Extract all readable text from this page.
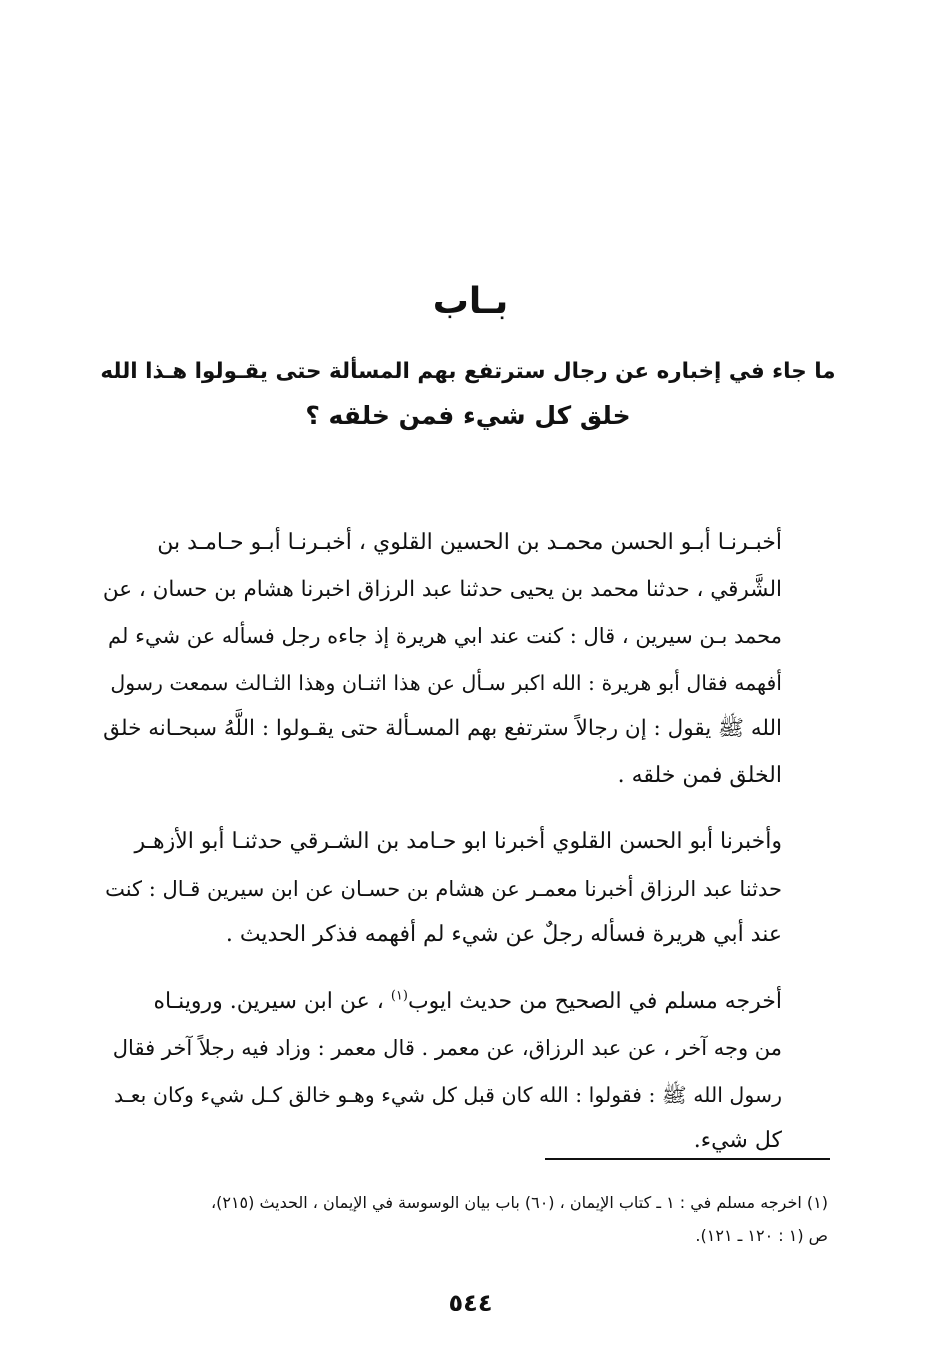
بـاب
ما جاء في إخباره عن رجال سترتفع بهم المسألة حتى يقـولوا هـذا الله
خلق كل شيء فمن خلقه ؟

أخبـرنـا أبـو الحسن محمـد بن الحسين القلوي ، أخبـرنـا أبـو حـامـد بن
الشَّرقي ، حدثنا محمد بن يحيى حدثنا عبد الرزاق اخبرنا هشام بن حسان ، عن
محمد بـن سيرين ، قال : كنت عند ابي هريرة إذ جاءه رجل فسأله عن شيء لم
أفهمه فقال أبو هريرة : الله اكبر سـأل عن هذا اثنـان وهذا الثـالث سمعت رسول
الله ﷺ يقول : إن رجالاً سترتفع بهم المسـألة حتى يقـولوا : اللَّهُ سبحـانه خلق
الخلق فمن خلقه .

وأخبرنا أبو الحسن القلوي أخبرنا ابو حـامد بن الشـرقي حدثنـا أبو الأزهـر
حدثنا عبد الرزاق أخبرنا معمـر عن هشام بن حسـان عن ابن سيرين قـال : كنت
عند أبي هريرة فسأله رجلٌ عن شيء لم أفهمه فذكر الحديث .

أخرجه مسلم في الصحيح من حديث ايوب$^{(١)}$ ، عن ابن سيرين. وروينـاه
من وجه آخر ، عن عبد الرزاق، عن معمر . قال معمر : وزاد فيه رجلاً آخر فقال
رسول الله ﷺ : فقولوا : الله كان قبل كل شيء وهـو خالق كـل شيء وكان بعـد
كل شيء.

(١) اخرجه مسلم في : ١ ـ كتاب الإيمان ، (٦٠) باب بيان الوسوسة في الإيمان ، الحديث (٢١٥)،
ص (١ : ١٢٠ ـ ١٢١).
٥٤٤
